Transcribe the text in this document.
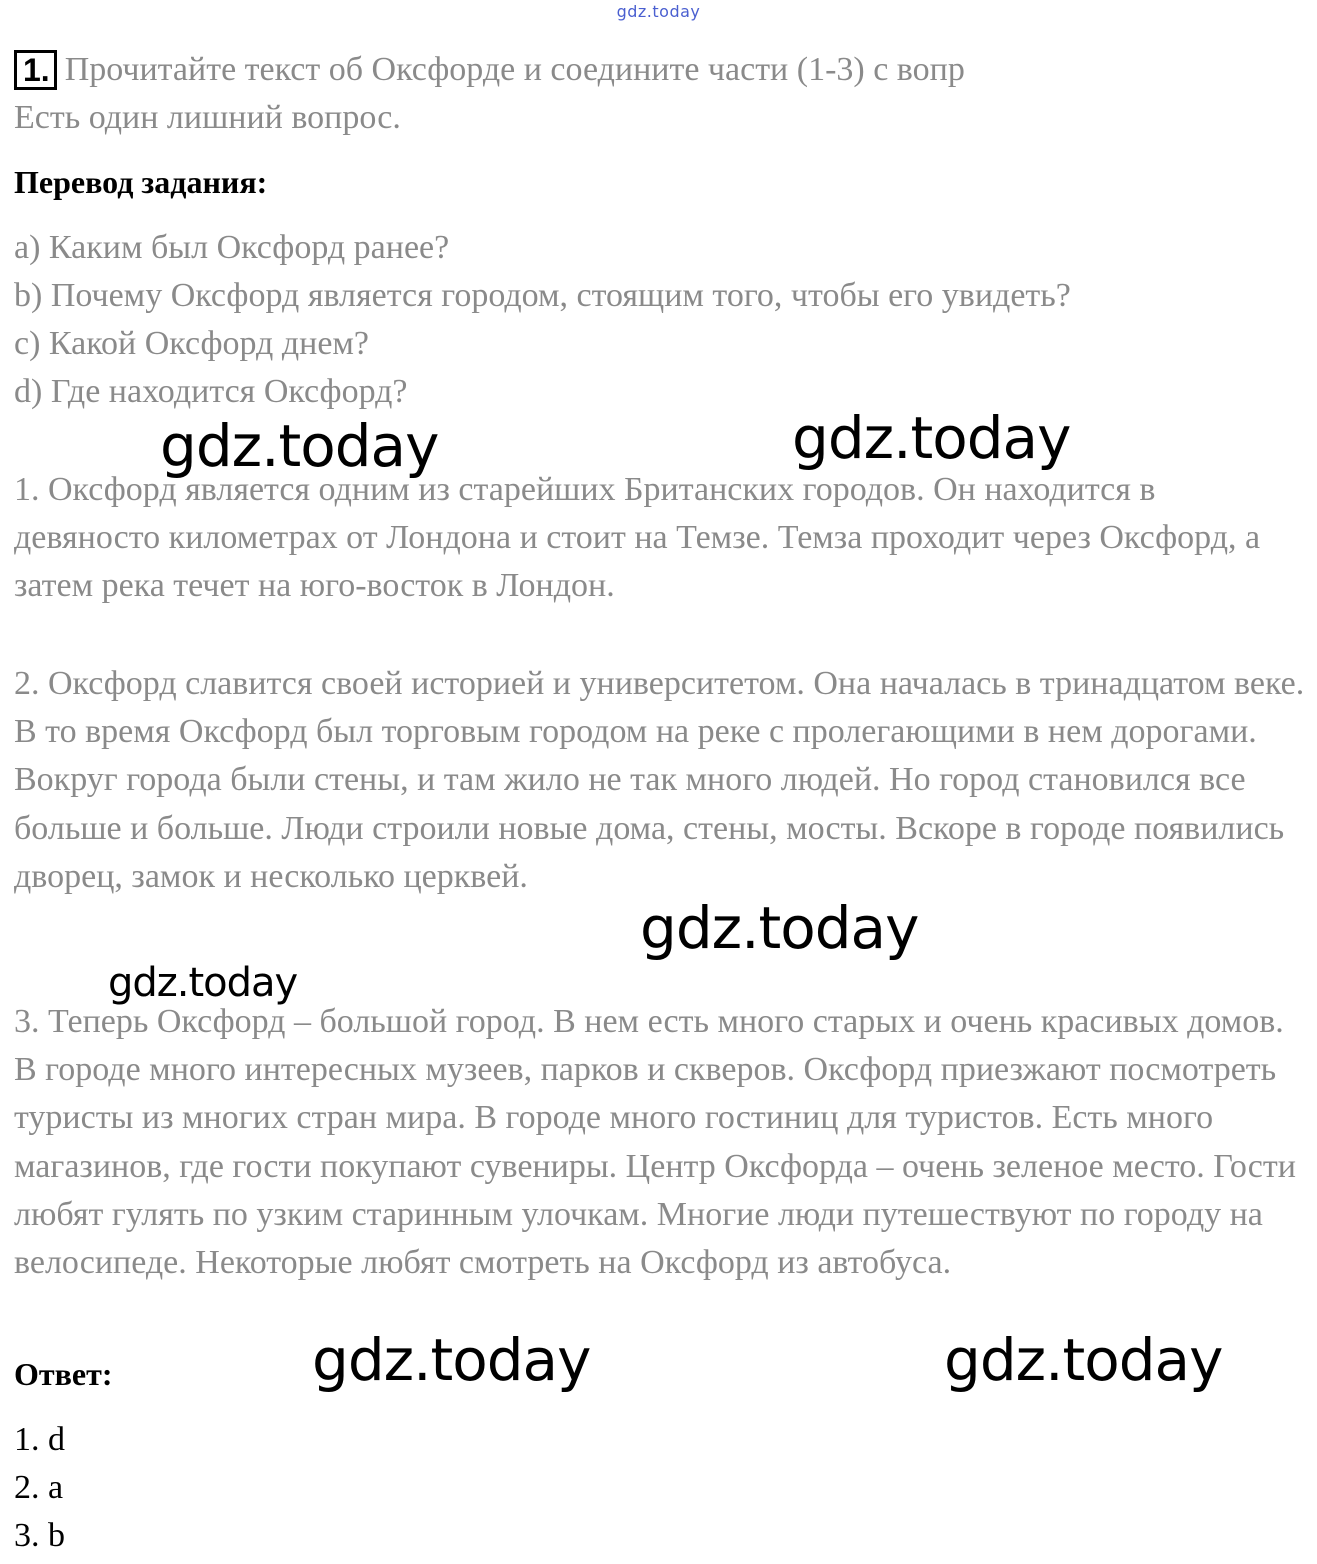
gdz.today
1. Прочитайте текст об Оксфорде и соедините части (1-3) с вопр
Есть один лишний вопрос.
Перевод задания:
a) Каким был Оксфорд ранее?
b) Почему Оксфорд является городом, стоящим того, чтобы его увидеть?
c) Какой Оксфорд днем?
d) Где находится Оксфорд?

1. Оксфорд является одним из старейших Британских городов. Он находится в девяносто километрах от Лондона и стоит на Темзе. Темза проходит через Оксфорд, а затем река течет на юго-восток в Лондон.

2. Оксфорд славится своей историей и университетом. Она началась в тринадцатом веке. В то время Оксфорд был торговым городом на реке с пролегающими в нем дорогами. Вокруг города были стены, и там жило не так много людей. Но город становился все больше и больше. Люди строили новые дома, стены, мосты. Вскоре в городе появились дворец, замок и несколько церквей.

3. Теперь Оксфорд – большой город. В нем есть много старых и очень красивых домов. В городе много интересных музеев, парков и скверов. Оксфорд приезжают посмотреть туристы из многих стран мира. В городе много гостиниц для туристов. Есть много магазинов, где гости покупают сувениры. Центр Оксфорда – очень зеленое место. Гости любят гулять по узким старинным улочкам. Многие люди путешествуют по городу на велосипеде. Некоторые любят смотреть на Оксфорд из автобуса.

Ответ:
1. d
2. a
3. b
gdz.today	gdz.today
gdz.today
gdz.today
gdz.today	gdz.today
